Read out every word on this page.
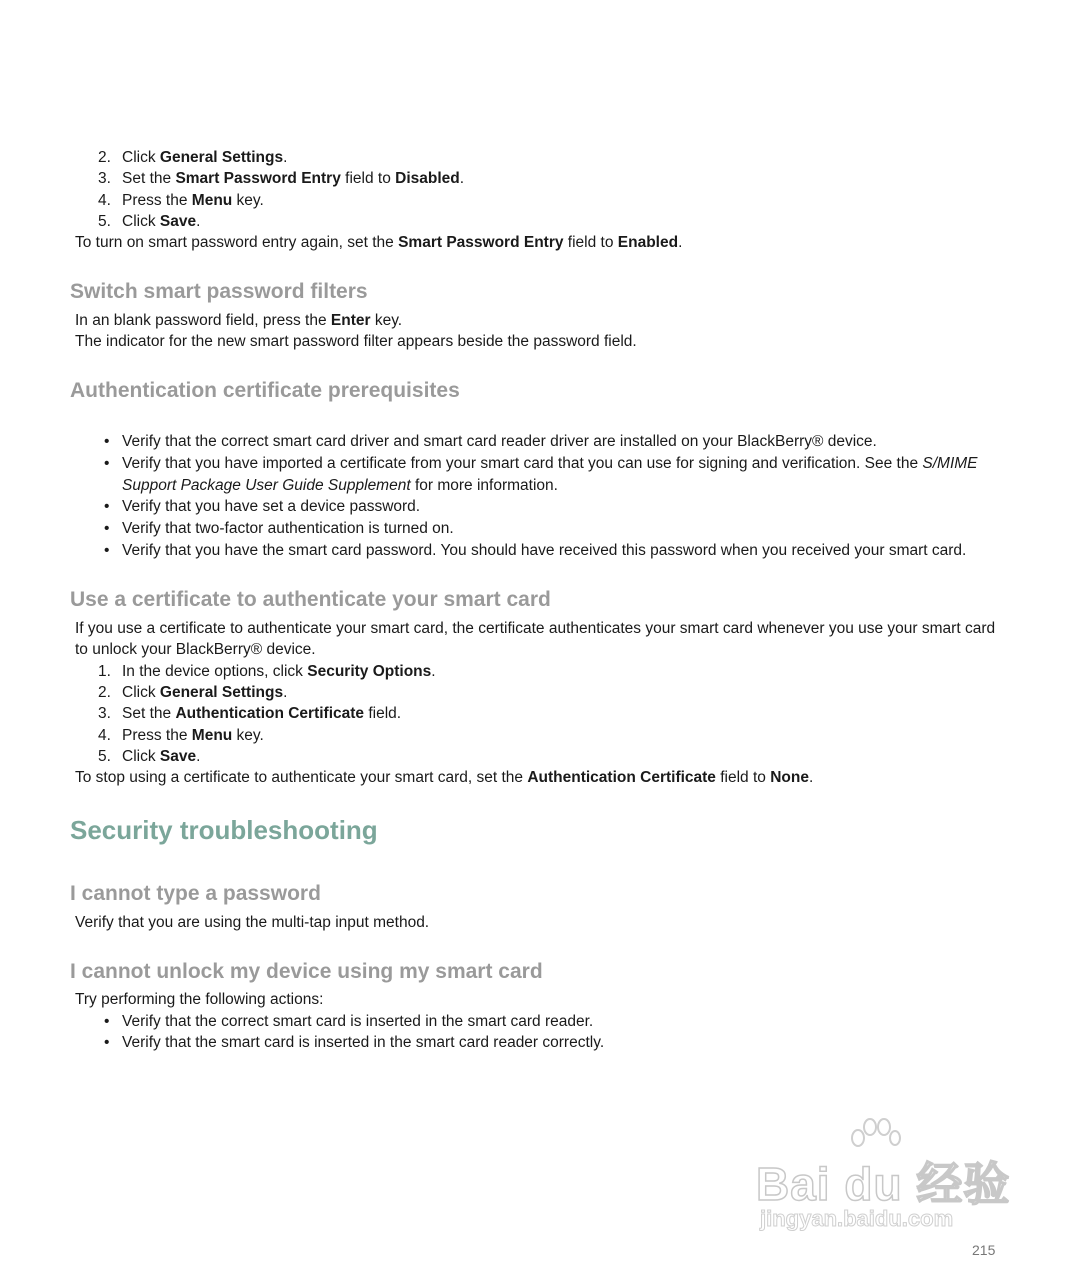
2. Click General Settings.
3. Set the Smart Password Entry field to Disabled.
4. Press the Menu key.
5. Click Save.
To turn on smart password entry again, set the Smart Password Entry field to Enabled.
Switch smart password filters
In an blank password field, press the Enter key.
The indicator for the new smart password filter appears beside the password field.
Authentication certificate prerequisites
• Verify that the correct smart card driver and smart card reader driver are installed on your BlackBerry® device.
• Verify that you have imported a certificate from your smart card that you can use for signing and verification. See the S/MIME
Support Package User Guide Supplement for more information.
• Verify that you have set a device password.
• Verify that two-factor authentication is turned on.
• Verify that you have the smart card password. You should have received this password when you received your smart card.
Use a certificate to authenticate your smart card
If you use a certificate to authenticate your smart card, the certificate authenticates your smart card whenever you use your smart card
to unlock your BlackBerry® device.
1. In the device options, click Security Options.
2. Click General Settings.
3. Set the Authentication Certificate field.
4. Press the Menu key.
5. Click Save.
To stop using a certificate to authenticate your smart card, set the Authentication Certificate field to None.
Security troubleshooting
I cannot type a password
Verify that you are using the multi-tap input method.
I cannot unlock my device using my smart card
Try performing the following actions:
• Verify that the correct smart card is inserted in the smart card reader.
• Verify that the smart card is inserted in the smart card reader correctly.
Bai du 经验
jingyan.baidu.com
215
